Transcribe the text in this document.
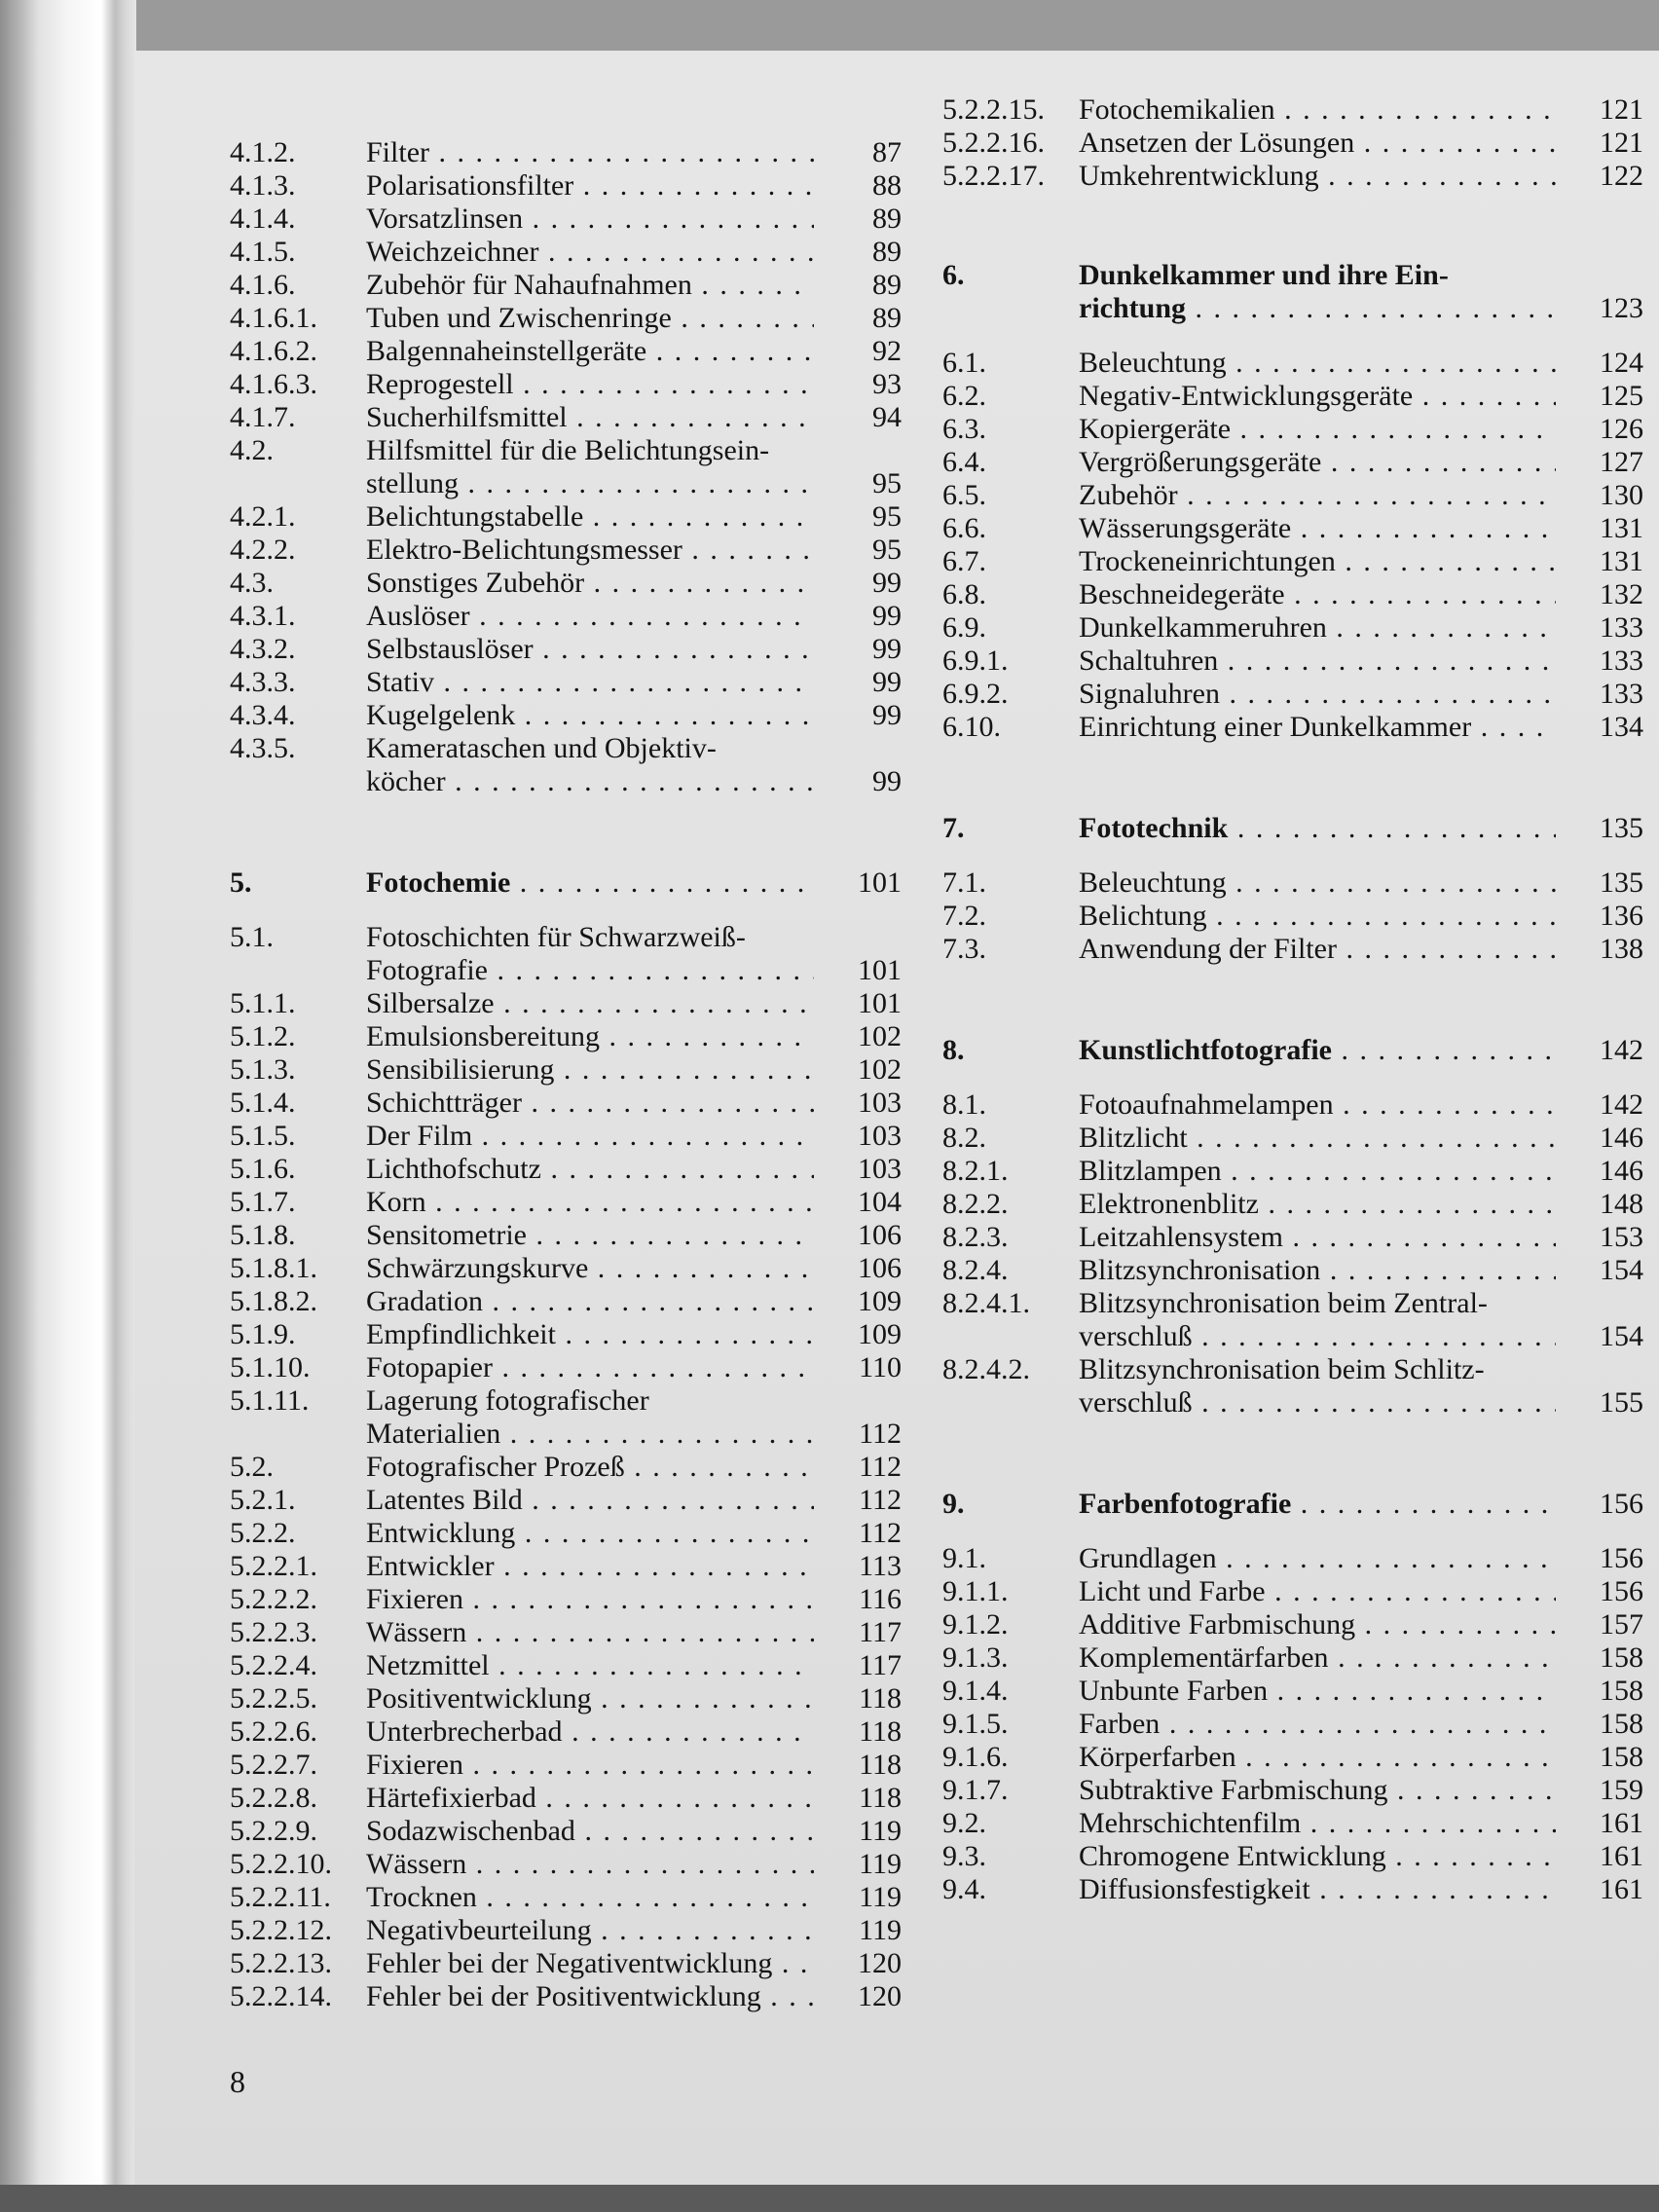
4.1.2. Filter . . .	87
4.1.3. Polarisationsfilter . . .	88
4.1.4. Vorsatzlinsen . . .	89
4.1.5. Weichzeichner . . .	89
4.1.6. Zubehör für Nahaufnahmen . . .	89
4.1.6.1. Tuben und Zwischenringe . . .	89
4.1.6.2. Balgennaheinstellgeräte . . .	92
4.1.6.3. Reprogestell . . .	93
4.1.7. Sucherhilfsmittel . . .	94
4.2.	Hilfsmittel für die Belichtungsein-
stellung . . .	95
4.2.1. Belichtungstabelle . . .	95
4.2.2. Elektro-Belichtungsmesser . . .	95
4.3.	Sonstiges Zubehör . . .	99
4.3.1. Auslöser . . .	99
4.3.2. Selbstauslöser . . .	99
4.3.3. Stativ . . .	99
4.3.4. Kugelgelenk . . .	99
4.3.5. Kamerataschen und Objektiv-
köcher . . .	99
5.	Fotochemie . . .	101
5.1.	Fotoschichten für Schwarzweiß-
Fotografie . . .	101
5.1.1. Silbersalze . . .	101
5.1.2. Emulsionsbereitung . . .	102
5.1.3. Sensibilisierung . . .	102
5.1.4. Schichtträger . . .	103
5.1.5. Der Film . . .	103
5.1.6. Lichthofschutz . . .	103
5.1.7. Korn . . .	104
5.1.8. Sensitometrie . . .	106
5.1.8.1. Schwärzungskurve . . .	106
5.1.8.2. Gradation . . .	109
5.1.9. Empfindlichkeit . . .	109
5.1.10. Fotopapier . . .	110
5.1.11. Lagerung fotografischer
Materialien . . .	112
5.2.	Fotografischer Prozeß . . .	112
5.2.1. Latentes Bild . . .	112
5.2.2. Entwicklung . . .	112
5.2.2.1. Entwickler . . .	113
5.2.2.2. Fixieren . . .	116
5.2.2.3. Wässern . . .	117
5.2.2.4. Netzmittel . . .	117
5.2.2.5. Positiventwicklung . . .	118
5.2.2.6. Unterbrecherbad . . .	118
5.2.2.7. Fixieren . . .	118
5.2.2.8. Härtefixierbad . . .	118
5.2.2.9. Sodazwischenbad . . .	119
5.2.2.10. Wässern . . .	119
5.2.2.11. Trocknen . . .	119
5.2.2.12. Negativbeurteilung . . .	119
5.2.2.13. Fehler bei der Negativentwicklung . . .	120
5.2.2.14. Fehler bei der Positiventwicklung . . .	120
5.2.2.15. Fotochemikalien . . .	121
5.2.2.16. Ansetzen der Lösungen . . .	121
5.2.2.17. Umkehrentwicklung . . .	122
6.	Dunkelkammer und ihre Ein-
richtung . . .	123
6.1.	Beleuchtung . . .	124
6.2.	Negativ-Entwicklungsgeräte . . .	125
6.3.	Kopiergeräte . . .	126
6.4.	Vergrößerungsgeräte . . .	127
6.5.	Zubehör . . .	130
6.6.	Wässerungsgeräte . . .	131
6.7.	Trockeneinrichtungen . . .	131
6.8.	Beschneidegeräte . . .	132
6.9.	Dunkelkammeruhren . . .	133
6.9.1. Schaltuhren . . .	133
6.9.2. Signaluhren . . .	133
6.10.	Einrichtung einer Dunkelkammer . . .	134
7.	Fototechnik . . .	135
7.1.	Beleuchtung . . .	135
7.2.	Belichtung . . .	136
7.3.	Anwendung der Filter . . .	138
8.	Kunstlichtfotografie . . .	142
8.1.	Fotoaufnahmelampen . . .	142
8.2.	Blitzlicht . . .	146
8.2.1. Blitzlampen . . .	146
8.2.2. Elektronenblitz . . .	148
8.2.3. Leitzahlensystem . . .	153
8.2.4. Blitzsynchronisation . . .	154
8.2.4.1. Blitzsynchronisation beim Zentral-
verschluß . . .	154
8.2.4.2. Blitzsynchronisation beim Schlitz-
verschluß . . .	155
9.	Farbenfotografie . . .	156
9.1.	Grundlagen . . .	156
9.1.1. Licht und Farbe . . .	156
9.1.2. Additive Farbmischung . . .	157
9.1.3. Komplementärfarben . . .	158
9.1.4. Unbunte Farben . . .	158
9.1.5. Farben . . .	158
9.1.6. Körperfarben . . .	158
9.1.7. Subtraktive Farbmischung . . .	159
9.2.	Mehrschichtenfilm . . .	161
9.3.	Chromogene Entwicklung . . .	161
9.4.	Diffusionsfestigkeit . . .	161
8
